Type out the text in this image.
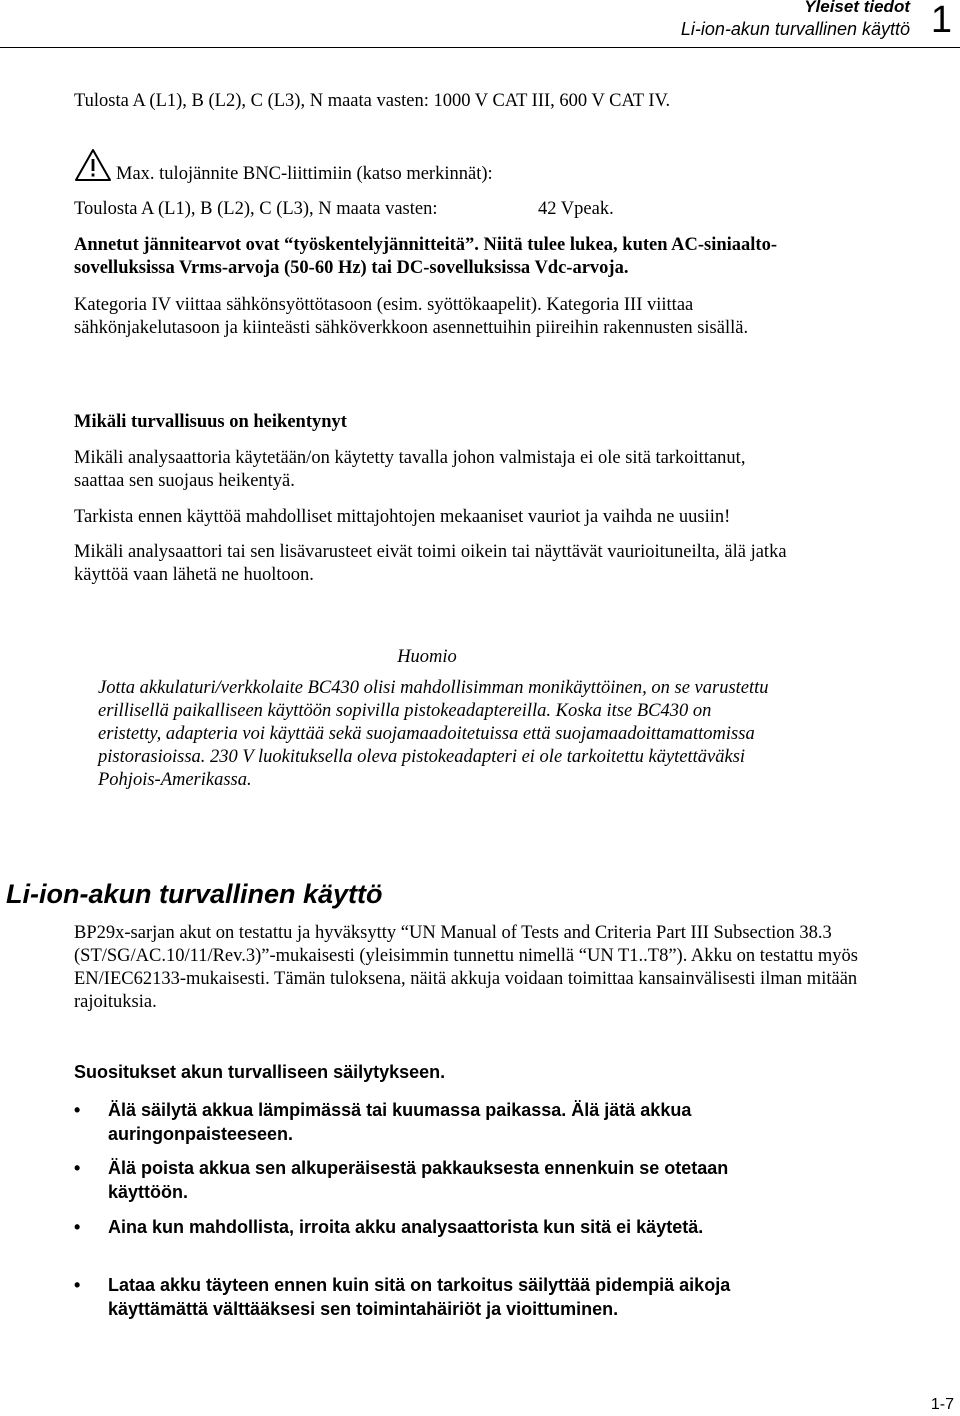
Yleiset tiedot
Li-ion-akun turvallinen käyttö 1

Tulosta A (L1), B (L2), C (L3), N maata vasten: 1000 V CAT III, 600 V CAT IV.

Max. tulojännite BNC-liittimiin (katso merkinnät):

Toulosta A (L1), B (L2), C (L3), N maata vasten:	42 Vpeak.

Annetut jännitearvot ovat “työskentelyjännitteitä”. Niitä tulee lukea, kuten AC-siniaalto-sovelluksissa Vrms-arvoja (50-60 Hz) tai DC-sovelluksissa Vdc-arvoja.

Kategoria IV viittaa sähkönsyöttötasoon (esim. syöttökaapelit). Kategoria III viittaa sähkönjakelutasoon ja kiinteästi sähköverkkoon asennettuihin piireihin rakennusten sisällä.

Mikäli turvallisuus on heikentynyt

Mikäli analysaattoria käytetään/on käytetty tavalla johon valmistaja ei ole sitä tarkoittanut, saattaa sen suojaus heikentyä.

Tarkista ennen käyttöä mahdolliset mittajohtojen mekaaniset vauriot ja vaihda ne uusiin!

Mikäli analysaattori tai sen lisävarusteet eivät toimi oikein tai näyttävät vaurioituneilta, älä jatka käyttöä vaan lähetä ne huoltoon.

Huomio

Jotta akkulaturi/verkkolaite BC430 olisi mahdollisimman monikäyttöinen, on se varustettu erillisellä paikalliseen käyttöön sopivilla pistokeadaptereilla. Koska itse BC430 on eristetty, adapteria voi käyttää sekä suojamaadoitetuissa että suojamaadoittamattomissa pistorasioissa. 230 V luokituksella oleva pistokeadapteri ei ole tarkoitettu käytettäväksi Pohjois-Amerikassa.

Li-ion-akun turvallinen käyttö

BP29x-sarjan akut on testattu ja hyväksytty “UN Manual of Tests and Criteria Part III Subsection 38.3 (ST/SG/AC.10/11/Rev.3)”-mukaisesti (yleisimmin tunnettu nimellä “UN T1..T8”). Akku on testattu myös EN/IEC62133-mukaisesti. Tämän tuloksena, näitä akkuja voidaan toimittaa kansainvälisesti ilman mitään rajoituksia.

Suositukset akun turvalliseen säilytykseen.
•	Älä säilytä akkua lämpimässä tai kuumassa paikassa. Älä jätä akkua auringonpaisteeseen.
•	Älä poista akkua sen alkuperäisestä pakkauksesta ennenkuin se otetaan käyttöön.
•	Aina kun mahdollista, irroita akku analysaattorista kun sitä ei käytetä.
•	Lataa akku täyteen ennen kuin sitä on tarkoitus säilyttää pidempiä aikoja käyttämättä välttääksesi sen toimintahäiriöt ja vioittuminen.
1-7
